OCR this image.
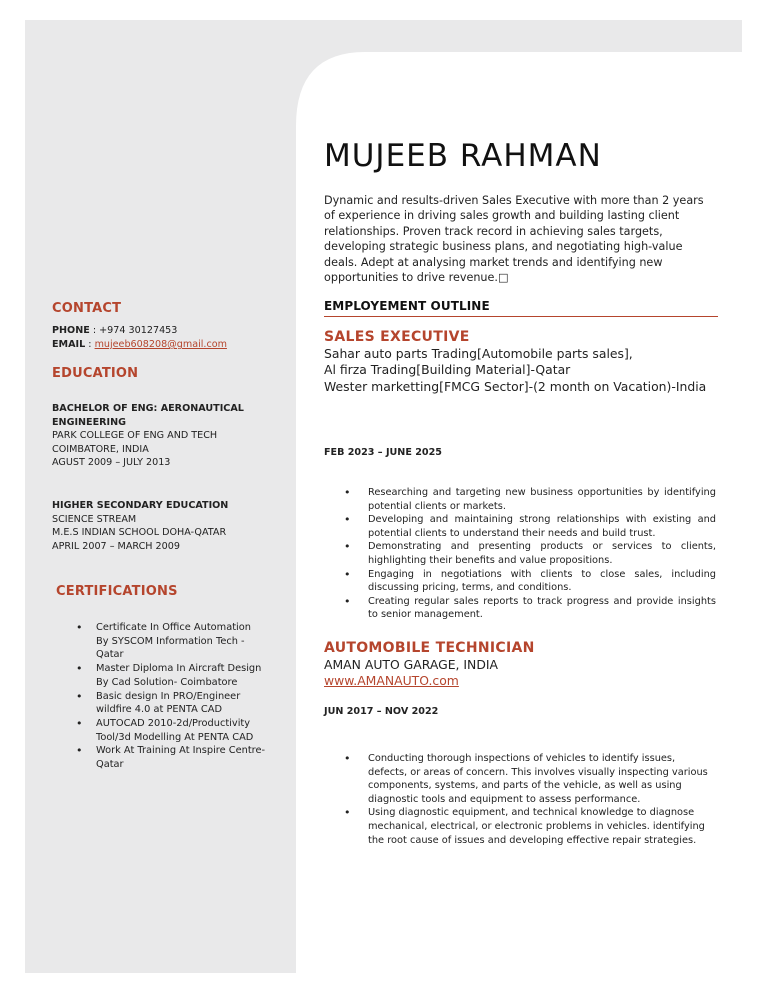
MUJEEB RAHMAN
Dynamic and results-driven Sales Executive with more than 2 years of experience in driving sales growth and building lasting client relationships. Proven track record in achieving sales targets, developing strategic business plans, and negotiating high-value deals. Adept at analysing market trends and identifying new opportunities to drive revenue.□
CONTACT
PHONE : +974 30127453
EMAIL : mujeeb608208@gmail.com
EDUCATION
BACHELOR OF ENG: AERONAUTICAL ENGINEERING
PARK COLLEGE OF ENG AND TECH
COIMBATORE, INDIA
AGUST 2009 – JULY 2013
HIGHER SECONDARY EDUCATION
SCIENCE STREAM
M.E.S INDIAN SCHOOL DOHA-QATAR
APRIL 2007 – MARCH 2009
CERTIFICATIONS
• Certificate In Office Automation By SYSCOM Information Tech -Qatar
• Master Diploma In Aircraft Design By Cad Solution- Coimbatore
• Basic design In PRO/Engineer wildfire 4.0 at PENTA CAD
• AUTOCAD 2010-2d/Productivity Tool/3d Modelling At PENTA CAD
• Work At Training At Inspire Centre- Qatar
EMPLOYEMENT OUTLINE
SALES EXECUTIVE
Sahar auto parts Trading[Automobile parts sales],
Al firza Trading[Building Material]-Qatar
Wester marketting[FMCG Sector]-(2 month on Vacation)-India
FEB 2023 – JUNE 2025
• Researching and targeting new business opportunities by identifying potential clients or markets.
• Developing and maintaining strong relationships with existing and potential clients to understand their needs and build trust.
• Demonstrating and presenting products or services to clients, highlighting their benefits and value propositions.
• Engaging in negotiations with clients to close sales, including discussing pricing, terms, and conditions.
• Creating regular sales reports to track progress and provide insights to senior management.
AUTOMOBILE TECHNICIAN
AMAN AUTO GARAGE, INDIA
www.AMANAUTO.com
JUN 2017 – NOV 2022
• Conducting thorough inspections of vehicles to identify issues, defects, or areas of concern. This involves visually inspecting various components, systems, and parts of the vehicle, as well as using diagnostic tools and equipment to assess performance.
• Using diagnostic equipment, and technical knowledge to diagnose mechanical, electrical, or electronic problems in vehicles. identifying the root cause of issues and developing effective repair strategies.
